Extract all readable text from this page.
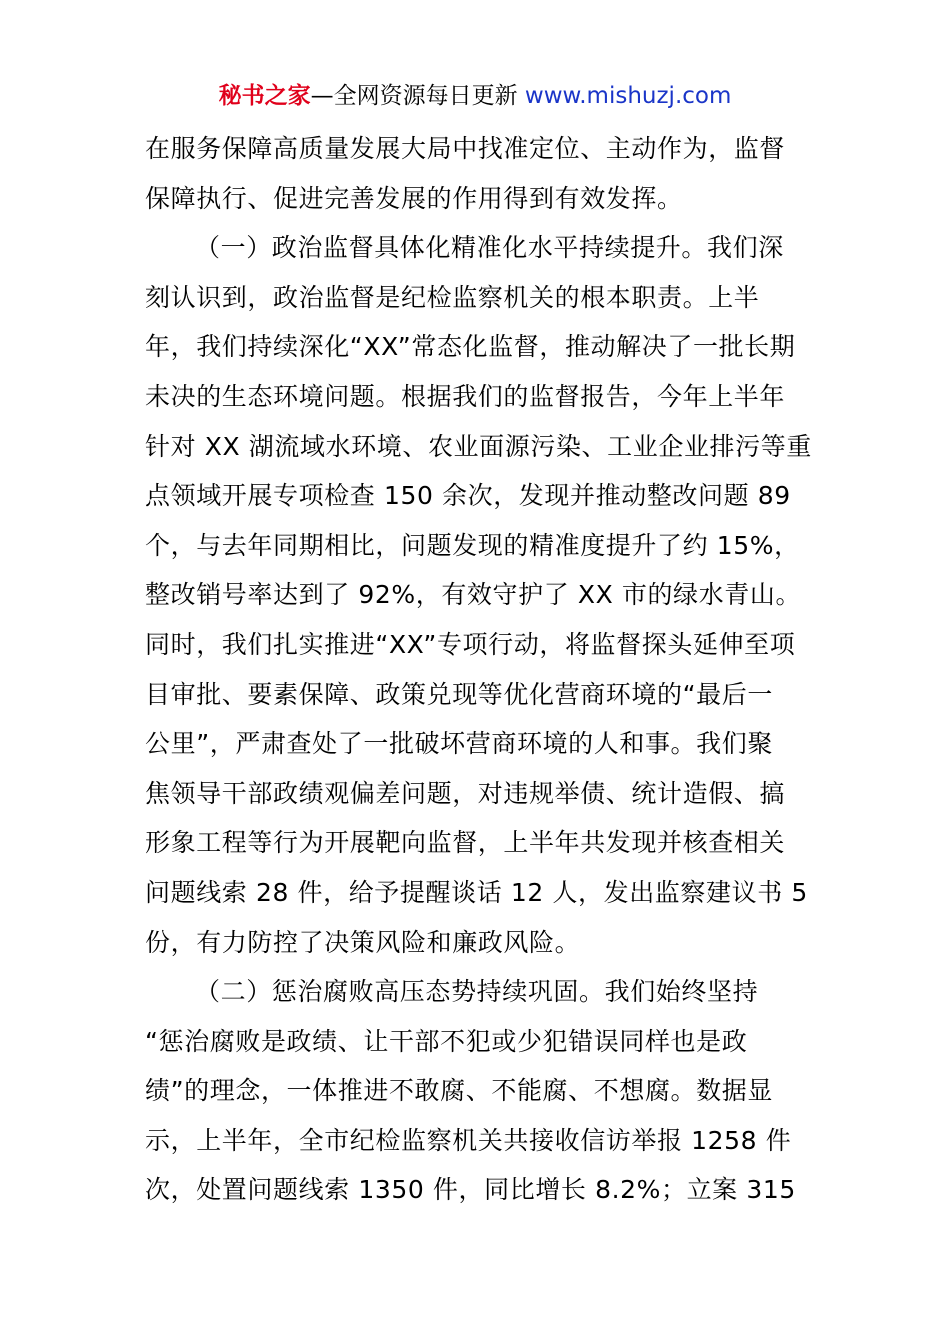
秘书之家—全网资源每日更新 www.mishuzj.com
在服务保障高质量发展大局中找准定位、主动作为，监督
保障执行、促进完善发展的作用得到有效发挥。
（一）政治监督具体化精准化水平持续提升。我们深
刻认识到，政治监督是纪检监察机关的根本职责。上半
年，我们持续深化“XX”常态化监督，推动解决了一批长期
未决的生态环境问题。根据我们的监督报告，今年上半年
针对 XX 湖流域水环境、农业面源污染、工业企业排污等重
点领域开展专项检查 150 余次，发现并推动整改问题 89
个，与去年同期相比，问题发现的精准度提升了约 15%，
整改销号率达到了 92%，有效守护了 XX 市的绿水青山。
同时，我们扎实推进“XX”专项行动，将监督探头延伸至项
目审批、要素保障、政策兑现等优化营商环境的“最后一
公里”，严肃查处了一批破坏营商环境的人和事。我们聚
焦领导干部政绩观偏差问题，对违规举债、统计造假、搞
形象工程等行为开展靶向监督，上半年共发现并核查相关
问题线索 28 件，给予提醒谈话 12 人，发出监察建议书 5
份，有力防控了决策风险和廉政风险。
（二）惩治腐败高压态势持续巩固。我们始终坚持
“惩治腐败是政绩、让干部不犯或少犯错误同样也是政
绩”的理念，一体推进不敢腐、不能腐、不想腐。数据显
示，上半年，全市纪检监察机关共接收信访举报 1258 件
次，处置问题线索 1350 件，同比增长 8.2%；立案 315
